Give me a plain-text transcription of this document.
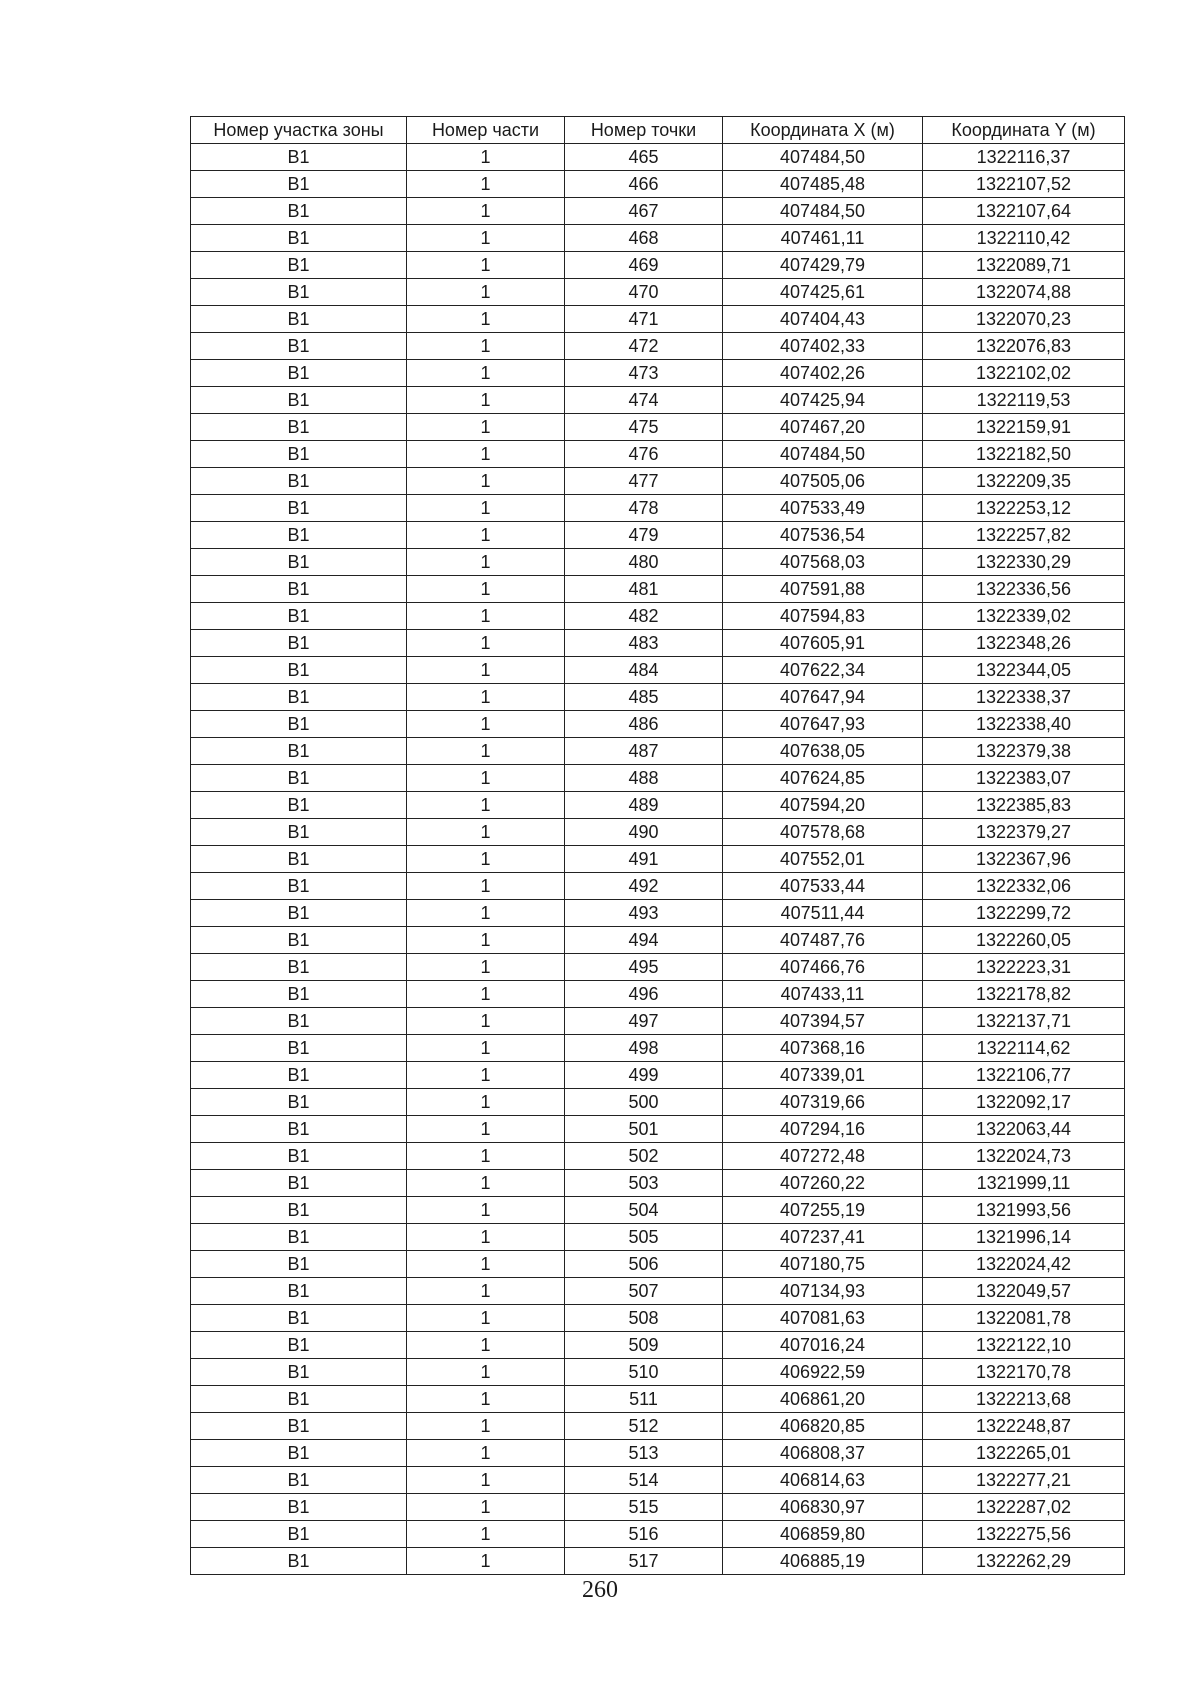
Номер участка зоны	Номер части	Номер точки	Координата X (м)	Координата Y (м)
В1	1	465	407484,50	1322116,37
В1	1	466	407485,48	1322107,52
В1	1	467	407484,50	1322107,64
В1	1	468	407461,11	1322110,42
В1	1	469	407429,79	1322089,71
В1	1	470	407425,61	1322074,88
В1	1	471	407404,43	1322070,23
В1	1	472	407402,33	1322076,83
В1	1	473	407402,26	1322102,02
В1	1	474	407425,94	1322119,53
В1	1	475	407467,20	1322159,91
В1	1	476	407484,50	1322182,50
В1	1	477	407505,06	1322209,35
В1	1	478	407533,49	1322253,12
В1	1	479	407536,54	1322257,82
В1	1	480	407568,03	1322330,29
В1	1	481	407591,88	1322336,56
В1	1	482	407594,83	1322339,02
В1	1	483	407605,91	1322348,26
В1	1	484	407622,34	1322344,05
В1	1	485	407647,94	1322338,37
В1	1	486	407647,93	1322338,40
В1	1	487	407638,05	1322379,38
В1	1	488	407624,85	1322383,07
В1	1	489	407594,20	1322385,83
В1	1	490	407578,68	1322379,27
В1	1	491	407552,01	1322367,96
В1	1	492	407533,44	1322332,06
В1	1	493	407511,44	1322299,72
В1	1	494	407487,76	1322260,05
В1	1	495	407466,76	1322223,31
В1	1	496	407433,11	1322178,82
В1	1	497	407394,57	1322137,71
В1	1	498	407368,16	1322114,62
В1	1	499	407339,01	1322106,77
В1	1	500	407319,66	1322092,17
В1	1	501	407294,16	1322063,44
В1	1	502	407272,48	1322024,73
В1	1	503	407260,22	1321999,11
В1	1	504	407255,19	1321993,56
В1	1	505	407237,41	1321996,14
В1	1	506	407180,75	1322024,42
В1	1	507	407134,93	1322049,57
В1	1	508	407081,63	1322081,78
В1	1	509	407016,24	1322122,10
В1	1	510	406922,59	1322170,78
В1	1	511	406861,20	1322213,68
В1	1	512	406820,85	1322248,87
В1	1	513	406808,37	1322265,01
В1	1	514	406814,63	1322277,21
В1	1	515	406830,97	1322287,02
В1	1	516	406859,80	1322275,56
В1	1	517	406885,19	1322262,29
260
